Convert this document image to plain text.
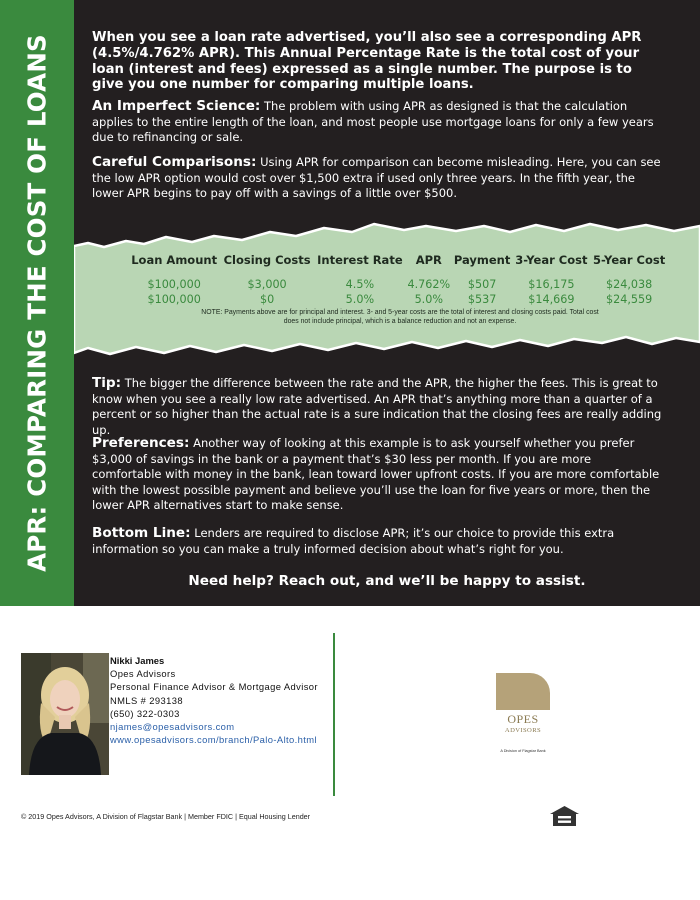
APR: COMPARING THE COST OF LOANS	When you see a loan rate advertised, you’ll also see a corresponding APR (4.5%/4.762% APR). This Annual Percentage Rate is the total cost of your loan (interest and fees) expressed as a single number. The purpose is to give you one number for comparing multiple loans.
An Imperfect Science: The problem with using APR as designed is that the calculation applies to the entire length of the loan, and most people use mortgage loans for only a few years due to refinancing or sale.
Careful Comparisons: Using APR for comparison can become misleading. Here, you can see the low APR option would cost over $1,500 extra if used only three years. In the fifth year, the lower APR begins to pay off with a savings of a little over $500.
Loan Amount	Closing Costs	Interest Rate	APR	Payment	3-Year Cost	5-Year Cost
$100,000	$3,000	4.5%	4.762%	$507	$16,175	$24,038
$100,000	$0	5.0%	5.0%	$537	$14,669	$24,559
NOTE: Payments above are for principal and interest. 3- and 5-year costs are the total of interest and closing costs paid. Total cost does not include principal, which is a balance reduction and not an expense.
Tip: The bigger the difference between the rate and the APR, the higher the fees. This is great to know when you see a really low rate advertised. An APR that’s anything more than a quarter of a percent or so higher than the actual rate is a sure indication that the closing fees are really adding up.
Preferences: Another way of looking at this example is to ask yourself whether you prefer $3,000 of savings in the bank or a payment that’s $30 less per month. If you are more comfortable with money in the bank, lean toward lower upfront costs. If you are more comfortable with the lowest possible payment and believe you’ll use the loan for five years or more, then the lower APR alternatives start to make sense.
Bottom Line: Lenders are required to disclose APR; it’s our choice to provide this extra information so you can make a truly informed decision about what’s right for you.
Need help? Reach out, and we’ll be happy to assist.
Nikki James
Opes Advisors
Personal Finance Advisor & Mortgage Advisor
NMLS # 293138
(650) 322-0303
njames@opesadvisors.com
www.opesadvisors.com/branch/Palo-Alto.html
OPES
ADVISORS
A Division of Flagstar Bank
© 2019 Opes Advisors, A Division of Flagstar Bank | Member FDIC | Equal Housing Lender
